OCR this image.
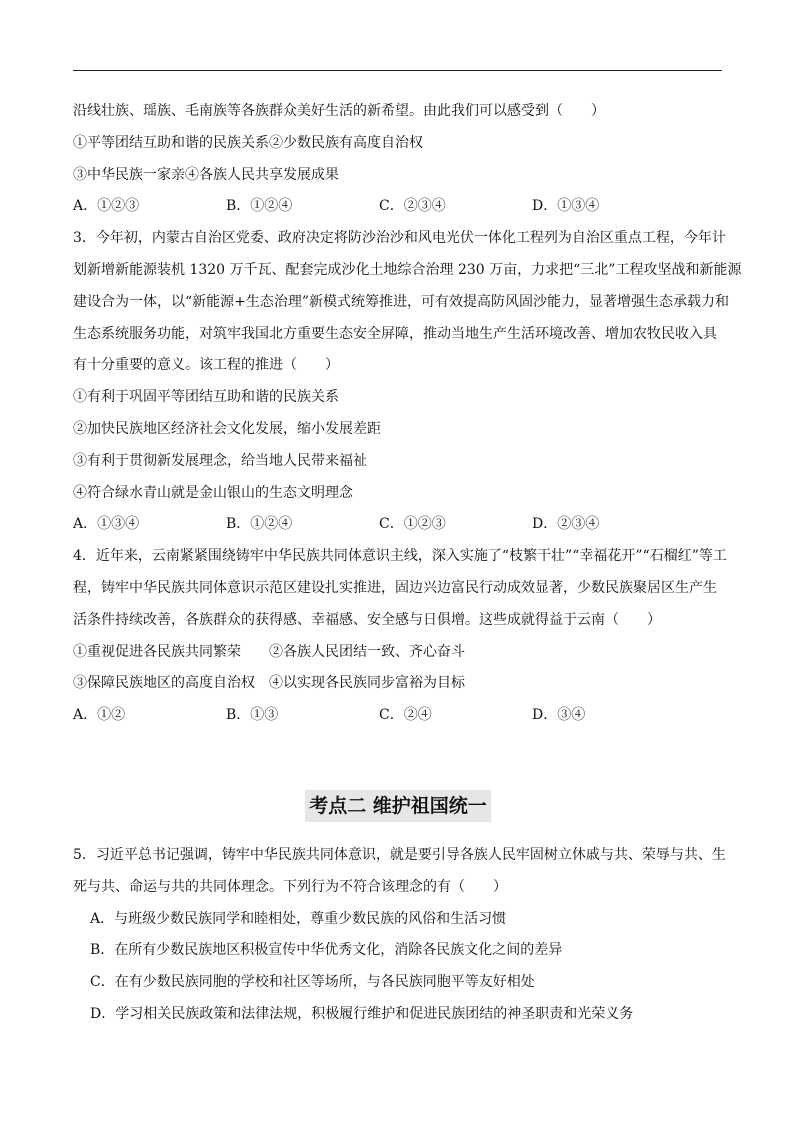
沿线壮族、瑶族、毛南族等各族群众美好生活的新希望。由此我们可以感受到（　　）
①平等团结互助和谐的民族关系②少数民族有高度自治权
③中华民族一家亲④各族人民共享发展成果
A．①②③	B．①②④	C．②③④	D．①③④
3．今年初，内蒙古自治区党委、政府决定将防沙治沙和风电光伏一体化工程列为自治区重点工程，今年计
划新增新能源装机 1320 万千瓦、配套完成沙化土地综合治理 230 万亩，力求把“三北”工程攻坚战和新能源
建设合为一体，以“新能源+生态治理”新模式统筹推进，可有效提高防风固沙能力，显著增强生态承载力和
生态系统服务功能，对筑牢我国北方重要生态安全屏障，推动当地生产生活环境改善、增加农牧民收入具
有十分重要的意义。该工程的推进（　　）
①有利于巩固平等团结互助和谐的民族关系
②加快民族地区经济社会文化发展，缩小发展差距
③有利于贯彻新发展理念，给当地人民带来福祉
④符合绿水青山就是金山银山的生态文明理念
A．①③④	B．①②④	C．①②③	D．②③④
4．近年来，云南紧紧围绕铸牢中华民族共同体意识主线，深入实施了“枝繁干壮”“幸福花开”“石榴红”等工
程，铸牢中华民族共同体意识示范区建设扎实推进，固边兴边富民行动成效显著，少数民族聚居区生产生
活条件持续改善，各族群众的获得感、幸福感、安全感与日俱增。这些成就得益于云南（　　）
①重视促进各民族共同繁荣　　②各族人民团结一致、齐心奋斗
③保障民族地区的高度自治权　④以实现各民族同步富裕为目标
A．①②	B．①③	C．②④	D．③④
考点二 维护祖国统一
5．习近平总书记强调，铸牢中华民族共同体意识，就是要引导各族人民牢固树立休戚与共、荣辱与共、生
死与共、命运与共的共同体理念。下列行为不符合该理念的有（　　）
A．与班级少数民族同学和睦相处，尊重少数民族的风俗和生活习惯
B．在所有少数民族地区积极宣传中华优秀文化，消除各民族文化之间的差异
C．在有少数民族同胞的学校和社区等场所，与各民族同胞平等友好相处
D．学习相关民族政策和法律法规，积极履行维护和促进民族团结的神圣职责和光荣义务
